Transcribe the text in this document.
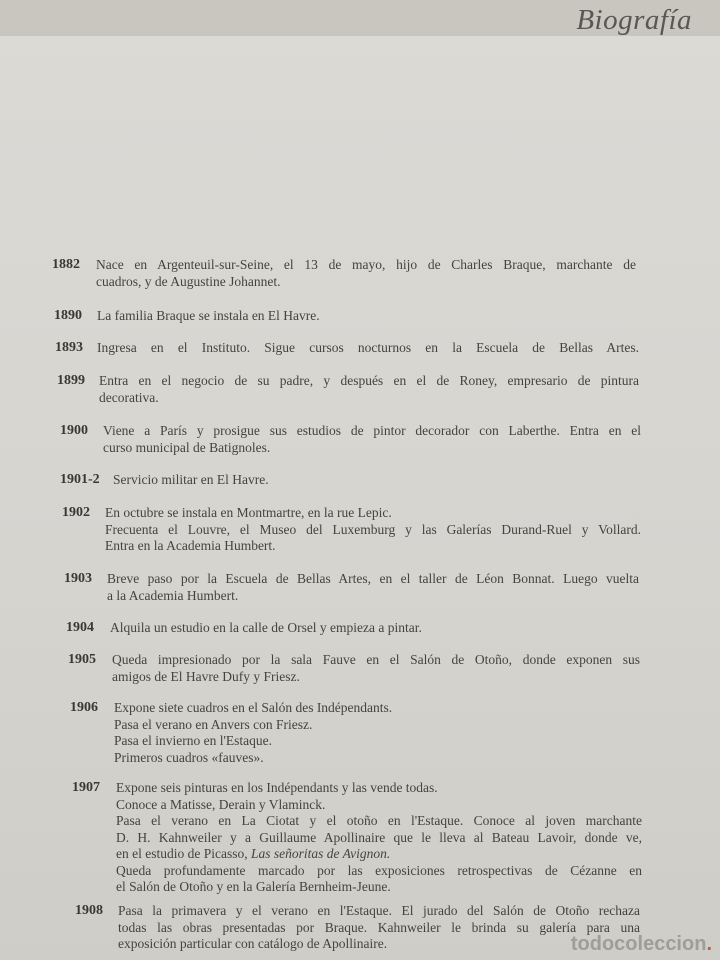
Biografía
1882 Nace en Argenteuil-sur-Seine, el 13 de mayo, hijo de Charles Braque, marchante de
cuadros, y de Augustine Johannet.
1890 La familia Braque se instala en El Havre.
1893 Ingresa en el Instituto. Sigue cursos nocturnos en la Escuela de Bellas Artes.
1899 Entra en el negocio de su padre, y después en el de Roney, empresario de pintura
decorativa.
1900 Viene a París y prosigue sus estudios de pintor decorador con Laberthe. Entra en el
curso municipal de Batignoles.
1901-2 Servicio militar en El Havre.
1902 En octubre se instala en Montmartre, en la rue Lepic.
Frecuenta el Louvre, el Museo del Luxemburg y las Galerías Durand-Ruel y Vollard.
Entra en la Academia Humbert.
1903 Breve paso por la Escuela de Bellas Artes, en el taller de Léon Bonnat. Luego vuelta
a la Academia Humbert.
1904 Alquila un estudio en la calle de Orsel y empieza a pintar.
1905 Queda impresionado por la sala Fauve en el Salón de Otoño, donde exponen sus
amigos de El Havre Dufy y Friesz.
1906 Expone siete cuadros en el Salón des Indépendants.
Pasa el verano en Anvers con Friesz.
Pasa el invierno en l'Estaque.
Primeros cuadros «fauves».
1907 Expone seis pinturas en los Indépendants y las vende todas.
Conoce a Matisse, Derain y Vlaminck.
Pasa el verano en La Ciotat y el otoño en l'Estaque. Conoce al joven marchante
D. H. Kahnweiler y a Guillaume Apollinaire que le lleva al Bateau Lavoir, donde ve,
en el estudio de Picasso, Las señoritas de Avignon.
Queda profundamente marcado por las exposiciones retrospectivas de Cézanne en
el Salón de Otoño y en la Galería Bernheim-Jeune.
1908 Pasa la primavera y el verano en l'Estaque. El jurado del Salón de Otoño rechaza
todas las obras presentadas por Braque. Kahnweiler le brinda su galería para una
exposición particular con catálogo de Apollinaire.	todocoleccion.
